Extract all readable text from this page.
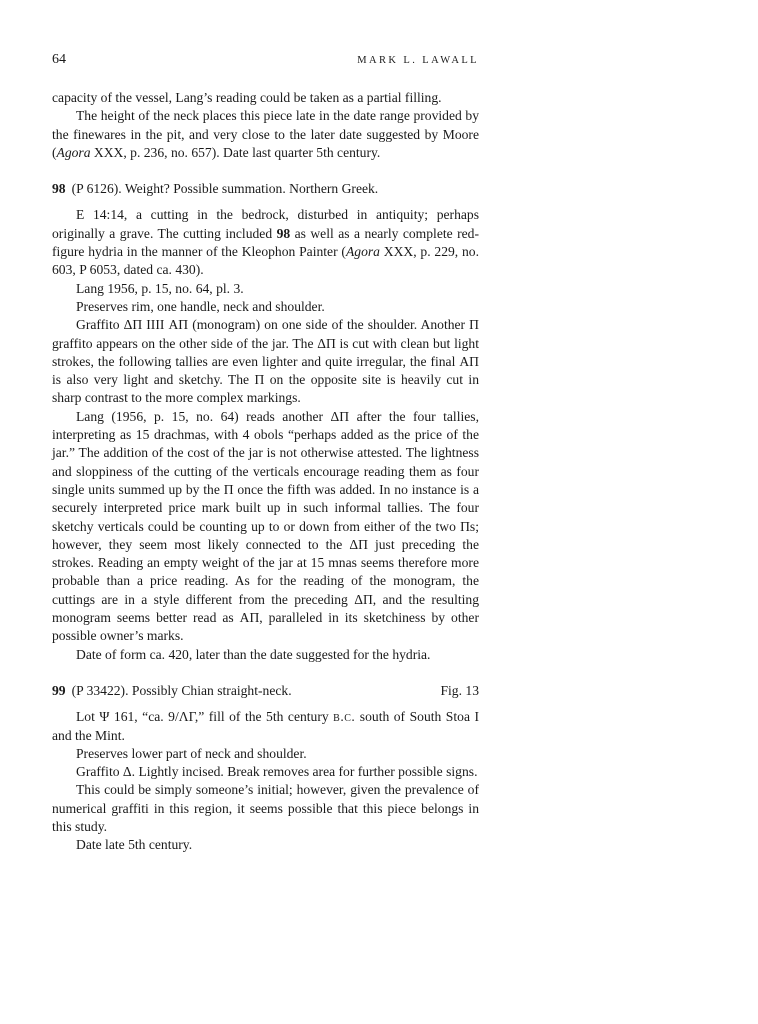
64	MARK L. LAWALL

capacity of the vessel, Lang’s reading could be taken as a partial filling.

The height of the neck places this piece late in the date range provided by the finewares in the pit, and very close to the later date suggested by Moore (Agora XXX, p. 236, no. 657). Date last quarter 5th century.

98 (P 6126). Weight? Possible summation. Northern Greek.

E 14:14, a cutting in the bedrock, disturbed in antiquity; perhaps originally a grave. The cutting included 98 as well as a nearly complete red-figure hydria in the manner of the Kleophon Painter (Agora XXX, p. 229, no. 603, P 6053, dated ca. 430).

Lang 1956, p. 15, no. 64, pl. 3.

Preserves rim, one handle, neck and shoulder.

Graffito ΔΠ IIII ΑΠ (monogram) on one side of the shoulder. Another Π graffito appears on the other side of the jar. The ΔΠ is cut with clean but light strokes, the following tallies are even lighter and quite irregular, the final ΑΠ is also very light and sketchy. The Π on the opposite site is heavily cut in sharp contrast to the more complex markings.

Lang (1956, p. 15, no. 64) reads another ΔΠ after the four tallies, interpreting as 15 drachmas, with 4 obols “perhaps added as the price of the jar.” The addition of the cost of the jar is not otherwise attested. The lightness and sloppiness of the cutting of the verticals encourage reading them as four single units summed up by the Π once the fifth was added. In no instance is a securely interpreted price mark built up in such informal tallies. The four sketchy verticals could be counting up to or down from either of the two Πs; however, they seem most likely connected to the ΔΠ just preceding the strokes. Reading an empty weight of the jar at 15 mnas seems therefore more probable than a price reading. As for the reading of the monogram, the cuttings are in a style different from the preceding ΔΠ, and the resulting monogram seems better read as ΑΠ, paralleled in its sketchiness by other possible owner’s marks.

Date of form ca. 420, later than the date suggested for the hydria.

99 (P 33422). Possibly Chian straight-neck.	Fig. 13

Lot Ψ 161, “ca. 9/ΛΓ,” fill of the 5th century b.c. south of South Stoa I and the Mint.

Preserves lower part of neck and shoulder.

Graffito Δ. Lightly incised. Break removes area for further possible signs.

This could be simply someone’s initial; however, given the prevalence of numerical graffiti in this region, it seems possible that this piece belongs in this study.

Date late 5th century.
